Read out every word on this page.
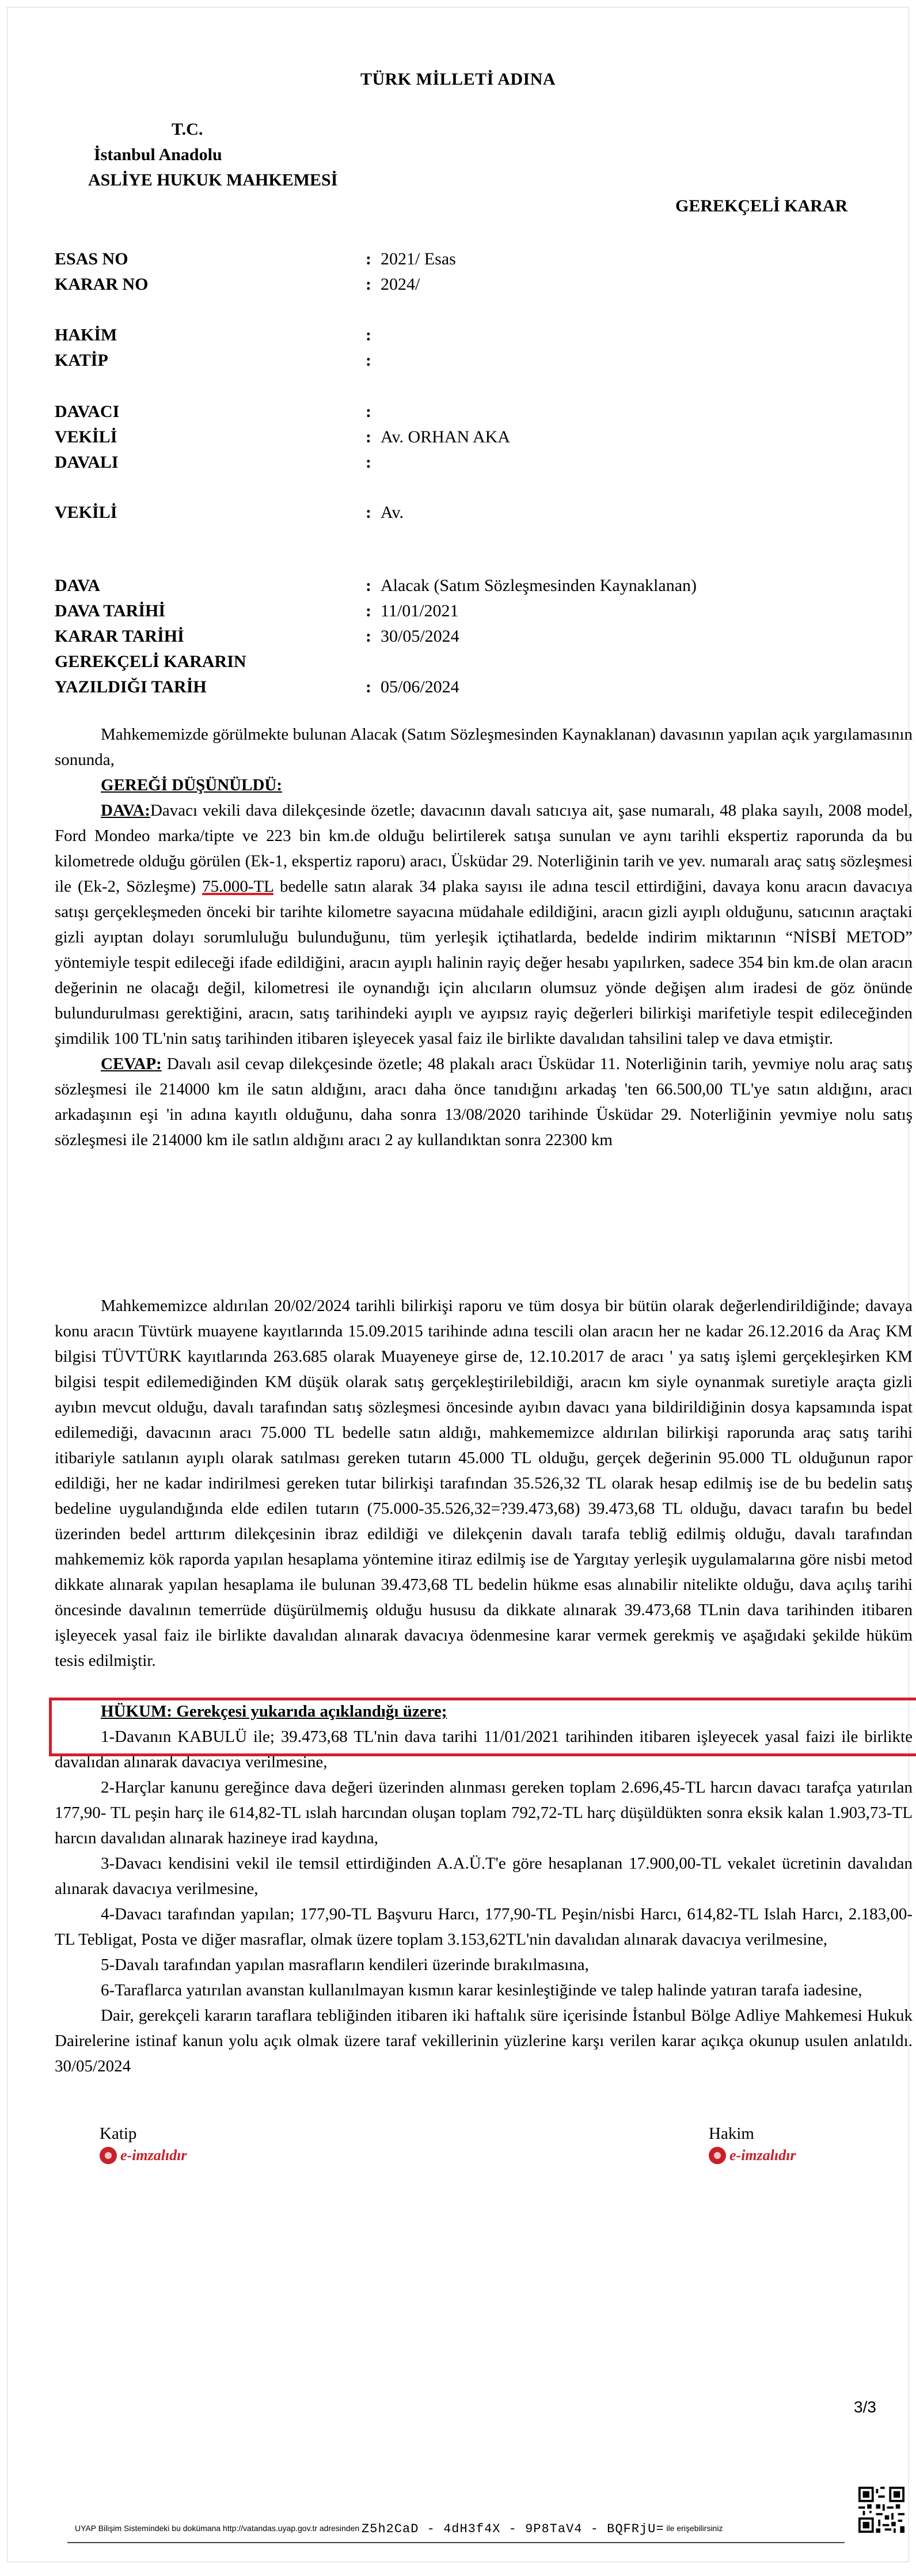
TÜRK MİLLETİ ADINA
T.C.
İstanbul Anadolu
ASLİYE HUKUK MAHKEMESİ
GEREKÇELİ KARAR
ESAS NO	: 2021/ Esas
KARAR NO	: 2024/
HAKİM	:
KATİP	:
DAVACI	:
VEKİLİ	: Av. ORHAN AKA
DAVALI	:
VEKİLİ	: Av.
DAVA	: Alacak (Satım Sözleşmesinden Kaynaklanan)
DAVA TARİHİ	: 11/01/2021
KARAR TARİHİ	: 30/05/2024
GEREKÇELİ KARARIN
YAZILDIĞI TARİH	: 05/06/2024

Mahkememizde görülmekte bulunan Alacak (Satım Sözleşmesinden Kaynaklanan) davasının yapılan açık yargılamasının sonunda,

GEREĞİ DÜŞÜNÜLDÜ:

DAVA:Davacı vekili dava dilekçesinde özetle; davacının davalı satıcıya ait, şase numaralı, 48 plaka sayılı, 2008 model, Ford Mondeo marka/tipte ve 223 bin km.de olduğu belirtilerek satışa sunulan ve aynı tarihli ekspertiz raporunda da bu kilometrede olduğu görülen (Ek-1, ekspertiz raporu) aracı, Üsküdar 29. Noterliğinin tarih ve yev. numaralı araç satış sözleşmesi ile (Ek-2, Sözleşme) 75.000-TL bedelle satın alarak 34 plaka sayısı ile adına tescil ettirdiğini, davaya konu aracın davacıya satışı gerçekleşmeden önceki bir tarihte kilometre sayacına müdahale edildiğini, aracın gizli ayıplı olduğunu, satıcının araçtaki gizli ayıptan dolayı sorumluluğu bulunduğunu, tüm yerleşik içtihatlarda, bedelde indirim miktarının “NİSBİ METOD” yöntemiyle tespit edileceği ifade edildiğini, aracın ayıplı halinin rayiç değer hesabı yapılırken, sadece 354 bin km.de olan aracın değerinin ne olacağı değil, kilometresi ile oynandığı için alıcıların olumsuz yönde değişen alım iradesi de göz önünde bulundurulması gerektiğini, aracın, satış tarihindeki ayıplı ve ayıpsız rayiç değerleri bilirkişi marifetiyle tespit edileceğinden şimdilik 100 TL'nin satış tarihinden itibaren işleyecek yasal faiz ile birlikte davalıdan tahsilini talep ve dava etmiştir.

CEVAP: Davalı asil cevap dilekçesinde özetle; 48 plakalı aracı Üsküdar 11. Noterliğinin tarih, yevmiye nolu araç satış sözleşmesi ile 214000 km ile satın aldığını, aracı daha önce tanıdığını arkadaş 'ten 66.500,00 TL'ye satın aldığını, aracı arkadaşının eşi 'in adına kayıtlı olduğunu, daha sonra 13/08/2020 tarihinde Üsküdar 29. Noterliğinin yevmiye nolu satış sözleşmesi ile 214000 km ile satlın aldığını aracı 2 ay kullandıktan sonra 22300 km

Mahkememizce aldırılan 20/02/2024 tarihli bilirkişi raporu ve tüm dosya bir bütün olarak değerlendirildiğinde; davaya konu aracın Tüvtürk muayene kayıtlarında 15.09.2015 tarihinde adına tescili olan aracın her ne kadar 26.12.2016 da Araç KM bilgisi TÜVTÜRK kayıtlarında 263.685 olarak Muayeneye girse de, 12.10.2017 de aracı ' ya satış işlemi gerçekleşirken KM bilgisi tespit edilemediğinden KM düşük olarak satış gerçekleştirilebildiği, aracın km siyle oynanmak suretiyle araçta gizli ayıbın mevcut olduğu, davalı tarafından satış sözleşmesi öncesinde ayıbın davacı yana bildirildiğinin dosya kapsamında ispat edilemediği, davacının aracı 75.000 TL bedelle satın aldığı, mahkememizce aldırılan bilirkişi raporunda araç satış tarihi itibariyle satılanın ayıplı olarak satılması gereken tutarın 45.000 TL olduğu, gerçek değerinin 95.000 TL olduğunun rapor edildiği, her ne kadar indirilmesi gereken tutar bilirkişi tarafından 35.526,32 TL olarak hesap edilmiş ise de bu bedelin satış bedeline uygulandığında elde edilen tutarın (75.000-35.526,32=?39.473,68) 39.473,68 TL olduğu, davacı tarafın bu bedel üzerinden bedel arttırım dilekçesinin ibraz edildiği ve dilekçenin davalı tarafa tebliğ edilmiş olduğu, davalı tarafından mahkememiz kök raporda yapılan hesaplama yöntemine itiraz edilmiş ise de Yargıtay yerleşik uygulamalarına göre nisbi metod dikkate alınarak yapılan hesaplama ile bulunan 39.473,68 TL bedelin hükme esas alınabilir nitelikte olduğu, dava açılış tarihi öncesinde davalının temerrüde düşürülmemiş olduğu hususu da dikkate alınarak 39.473,68 TLnin dava tarihinden itibaren işleyecek yasal faiz ile birlikte davalıdan alınarak davacıya ödenmesine karar vermek gerekmiş ve aşağıdaki şekilde hüküm tesis edilmiştir.

HÜKUM: Gerekçesi yukarıda açıklandığı üzere;

1-Davanın KABULÜ ile; 39.473,68 TL'nin dava tarihi 11/01/2021 tarihinden itibaren işleyecek yasal faizi ile birlikte davalıdan alınarak davacıya verilmesine,

2-Harçlar kanunu gereğince dava değeri üzerinden alınması gereken toplam 2.696,45-TL harcın davacı tarafça yatırılan 177,90- TL peşin harç ile 614,82-TL ıslah harcından oluşan toplam 792,72-TL harç düşüldükten sonra eksik kalan 1.903,73-TL harcın davalıdan alınarak hazineye irad kaydına,

3-Davacı kendisini vekil ile temsil ettirdiğinden A.A.Ü.T'e göre hesaplanan 17.900,00-TL vekalet ücretinin davalıdan alınarak davacıya verilmesine,

4-Davacı tarafından yapılan; 177,90-TL Başvuru Harcı, 177,90-TL Peşin/nisbi Harcı, 614,82-TL Islah Harcı, 2.183,00-TL Tebligat, Posta ve diğer masraflar, olmak üzere toplam 3.153,62TL'nin davalıdan alınarak davacıya verilmesine,

5-Davalı tarafından yapılan masrafların kendileri üzerinde bırakılmasına,

6-Taraflarca yatırılan avanstan kullanılmayan kısmın karar kesinleştiğinde ve talep halinde yatıran tarafa iadesine,

Dair, gerekçeli kararın taraflara tebliğinden itibaren iki haftalık süre içerisinde İstanbul Bölge Adliye Mahkemesi Hukuk Dairelerine istinaf kanun yolu açık olmak üzere taraf vekillerinin yüzlerine karşı verilen karar açıkça okunup usulen anlatıldı. 30/05/2024

Katip
e-imzalıdır
Hakim
e-imzalıdır
3/3
UYAP Bilişim Sistemindeki bu dokümana http://vatandas.uyap.gov.tr adresinden Z5h2CaD - 4dH3f4X - 9P8TaV4 - BQFRjU= ile erişebilirsiniz
